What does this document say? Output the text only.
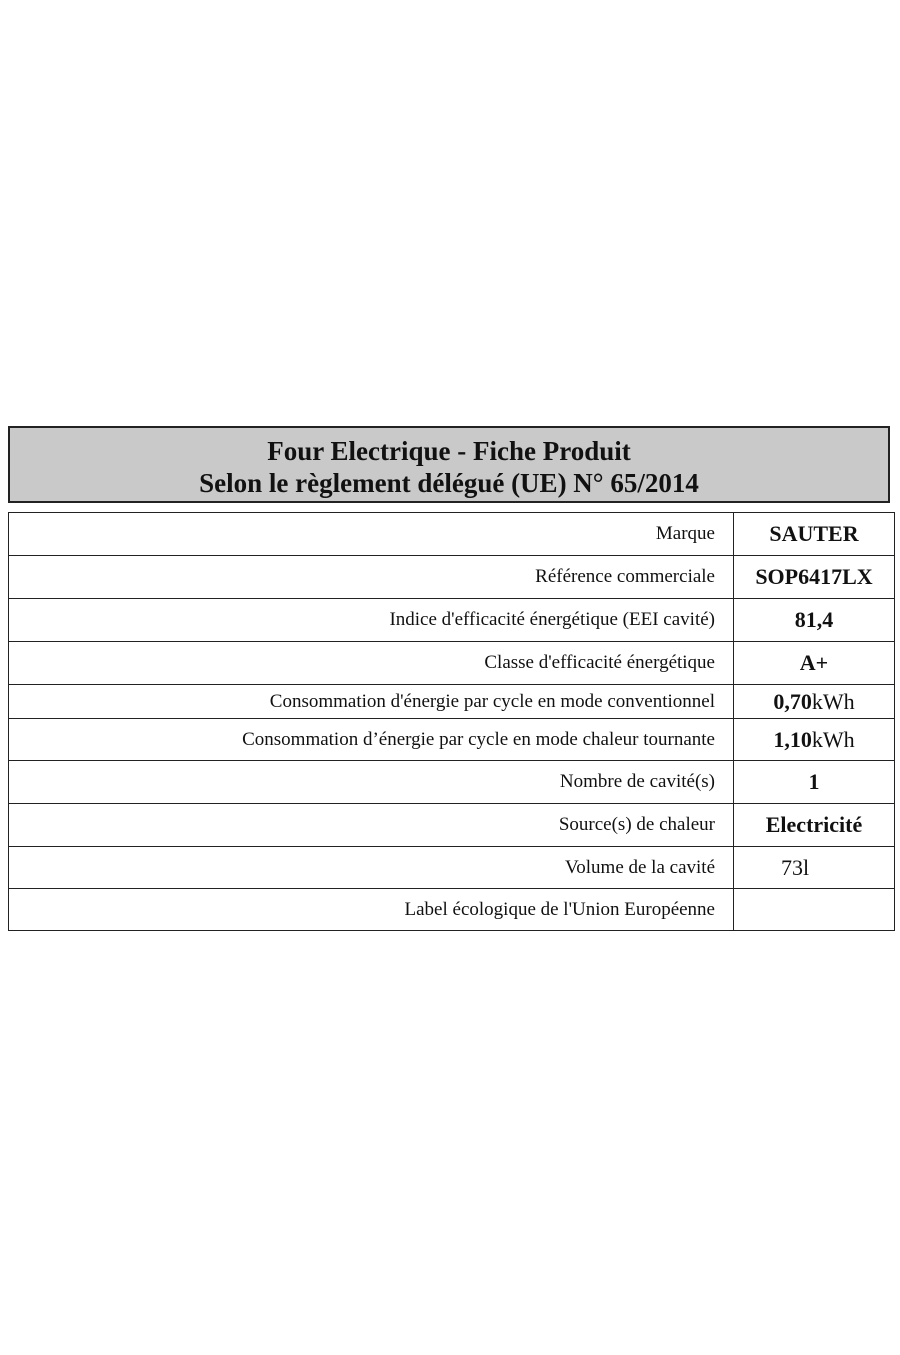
Four Electrique - Fiche Produit
Selon le règlement délégué (UE) N° 65/2014
Marque	SAUTER
Référence commerciale	SOP6417LX
Indice d'efficacité énergétique (EEI cavité)	81,4
Classe d'efficacité énergétique	A+
Consommation d'énergie par cycle en mode conventionnel	0,70kWh
Consommation d’énergie par cycle en mode chaleur tournante	1,10kWh
Nombre de cavité(s)	1
Source(s) de chaleur	Electricité
Volume de la cavité	73l
Label écologique de l'Union Européenne	
